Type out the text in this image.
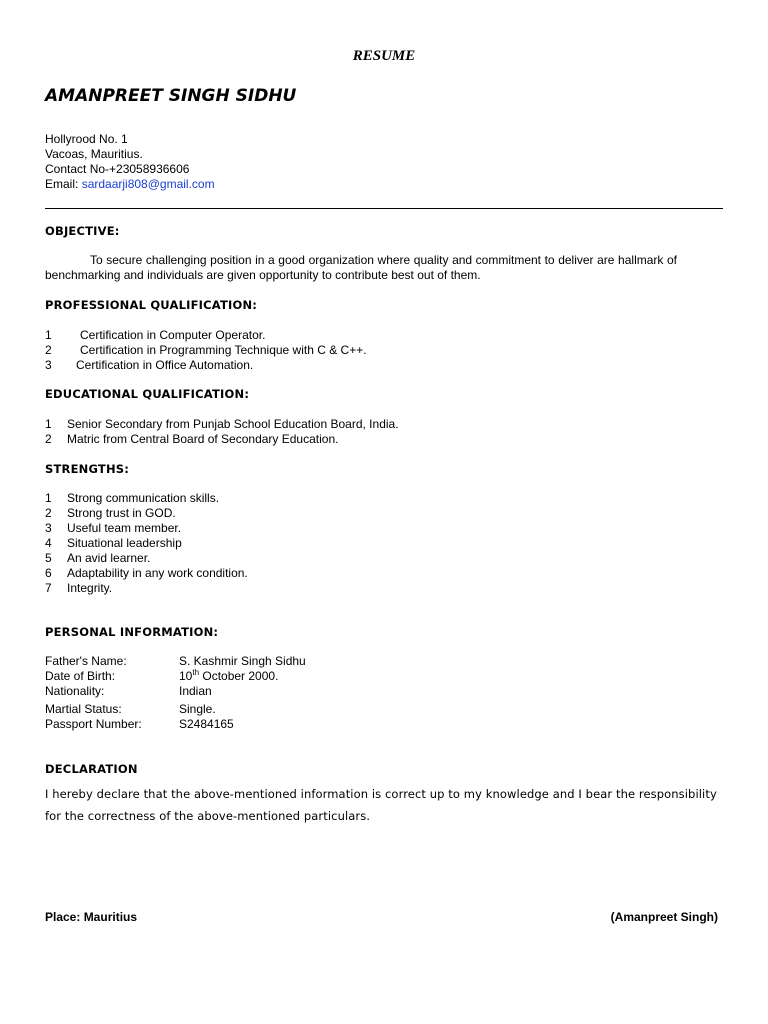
RESUME
AMANPREET SINGH SIDHU
Hollyrood No. 1
Vacoas, Mauritius.
Contact No-+23058936606
Email: sardaarji808@gmail.com
OBJECTIVE:
To secure challenging position in a good organization where quality and commitment to deliver are hallmark of benchmarking and individuals are given opportunity to contribute best out of them.
PROFESSIONAL QUALIFICATION:
1	Certification in Computer Operator.
2	Certification in Programming Technique with C & C++.
3	Certification in Office Automation.
EDUCATIONAL QUALIFICATION:
1	Senior Secondary from Punjab School Education Board, India.
2	Matric from Central Board of Secondary Education.
STRENGTHS:
1	Strong communication skills.
2	Strong trust in GOD.
3	Useful team member.
4	Situational leadership
5	An avid learner.
6	Adaptability in any work condition.
7	Integrity.
PERSONAL INFORMATION:
Father's Name:	S. Kashmir Singh Sidhu
Date of Birth:	10th October 2000.
Nationality:	Indian
Martial Status:	Single.
Passport Number:	S2484165
DECLARATION
I hereby declare that the above-mentioned information is correct up to my knowledge and I bear the responsibility for the correctness of the above-mentioned particulars.
Place: Mauritius	(Amanpreet Singh)
